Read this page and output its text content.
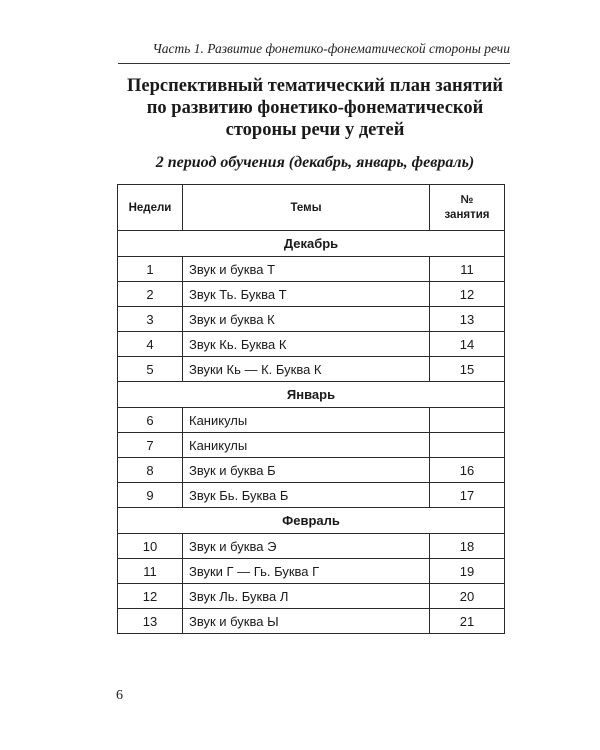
Часть 1. Развитие фонетико-фонематической стороны речи
Перспективный тематический план занятий
по развитию фонетико-фонематической
стороны речи у детей
2 период обучения (декабрь, январь, февраль)
Недели	Темы	№
занятия

Декабрь		
1	Звук и буква Т	11
2	Звук Ть. Буква Т	12
3	Звук и буква К	13
4	Звук Кь. Буква К	14
5	Звуки Кь — К. Буква К	15
Январь		
6	Каникулы	
7	Каникулы	
8	Звук и буква Б	16
9	Звук Бь. Буква Б	17
Февраль		
10	Звук и буква Э	18
11	Звуки Г — Гь. Буква Г	19
12	Звук Ль. Буква Л	20
13	Звук и буква Ы	21
6
